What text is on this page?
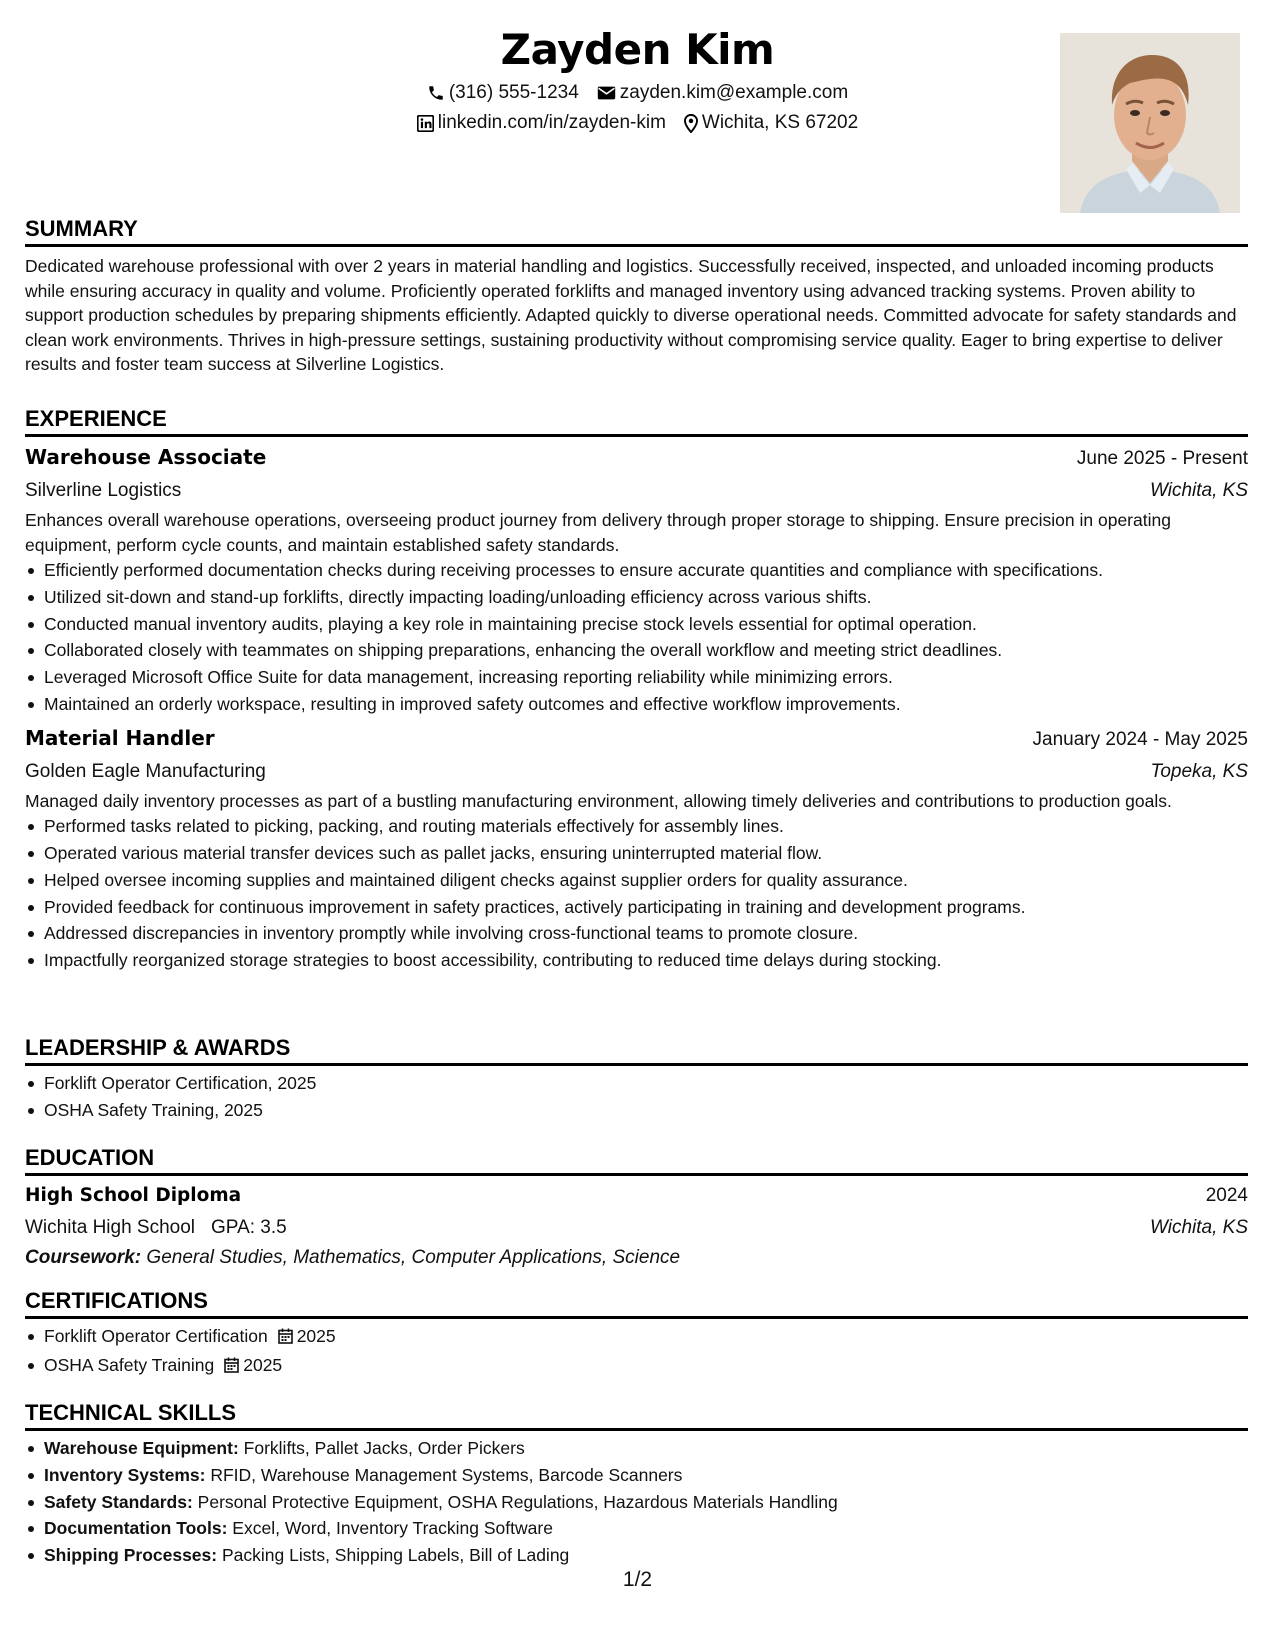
Zayden Kim
(316) 555-1234 zayden.kim@example.com
linkedin.com/in/zayden-kim Wichita, KS 67202
SUMMARY
Dedicated warehouse professional with over 2 years in material handling and logistics. Successfully received, inspected, and unloaded incoming products while ensuring accuracy in quality and volume. Proficiently operated forklifts and managed inventory using advanced tracking systems. Proven ability to support production schedules by preparing shipments efficiently. Adapted quickly to diverse operational needs. Committed advocate for safety standards and clean work environments. Thrives in high-pressure settings, sustaining productivity without compromising service quality. Eager to bring expertise to deliver results and foster team success at Silverline Logistics.
EXPERIENCE
Warehouse Associate	June 2025 - Present
Silverline Logistics	Wichita, KS
Enhances overall warehouse operations, overseeing product journey from delivery through proper storage to shipping. Ensure precision in operating equipment, perform cycle counts, and maintain established safety standards.
Efficiently performed documentation checks during receiving processes to ensure accurate quantities and compliance with specifications.
Utilized sit-down and stand-up forklifts, directly impacting loading/unloading efficiency across various shifts.
Conducted manual inventory audits, playing a key role in maintaining precise stock levels essential for optimal operation.
Collaborated closely with teammates on shipping preparations, enhancing the overall workflow and meeting strict deadlines.
Leveraged Microsoft Office Suite for data management, increasing reporting reliability while minimizing errors.
Maintained an orderly workspace, resulting in improved safety outcomes and effective workflow improvements.
Material Handler	January 2024 - May 2025
Golden Eagle Manufacturing	Topeka, KS
Managed daily inventory processes as part of a bustling manufacturing environment, allowing timely deliveries and contributions to production goals.
Performed tasks related to picking, packing, and routing materials effectively for assembly lines.
Operated various material transfer devices such as pallet jacks, ensuring uninterrupted material flow.
Helped oversee incoming supplies and maintained diligent checks against supplier orders for quality assurance.
Provided feedback for continuous improvement in safety practices, actively participating in training and development programs.
Addressed discrepancies in inventory promptly while involving cross-functional teams to promote closure.
Impactfully reorganized storage strategies to boost accessibility, contributing to reduced time delays during stocking.
LEADERSHIP & AWARDS
Forklift Operator Certification, 2025
OSHA Safety Training, 2025
EDUCATION
High School Diploma	2024
Wichita High School GPA: 3.5	Wichita, KS
Coursework: General Studies, Mathematics, Computer Applications, Science
CERTIFICATIONS
Forklift Operator Certification 2025
OSHA Safety Training 2025
TECHNICAL SKILLS
Warehouse Equipment: Forklifts, Pallet Jacks, Order Pickers
Inventory Systems: RFID, Warehouse Management Systems, Barcode Scanners
Safety Standards: Personal Protective Equipment, OSHA Regulations, Hazardous Materials Handling
Documentation Tools: Excel, Word, Inventory Tracking Software
Shipping Processes: Packing Lists, Shipping Labels, Bill of Lading
1/2
